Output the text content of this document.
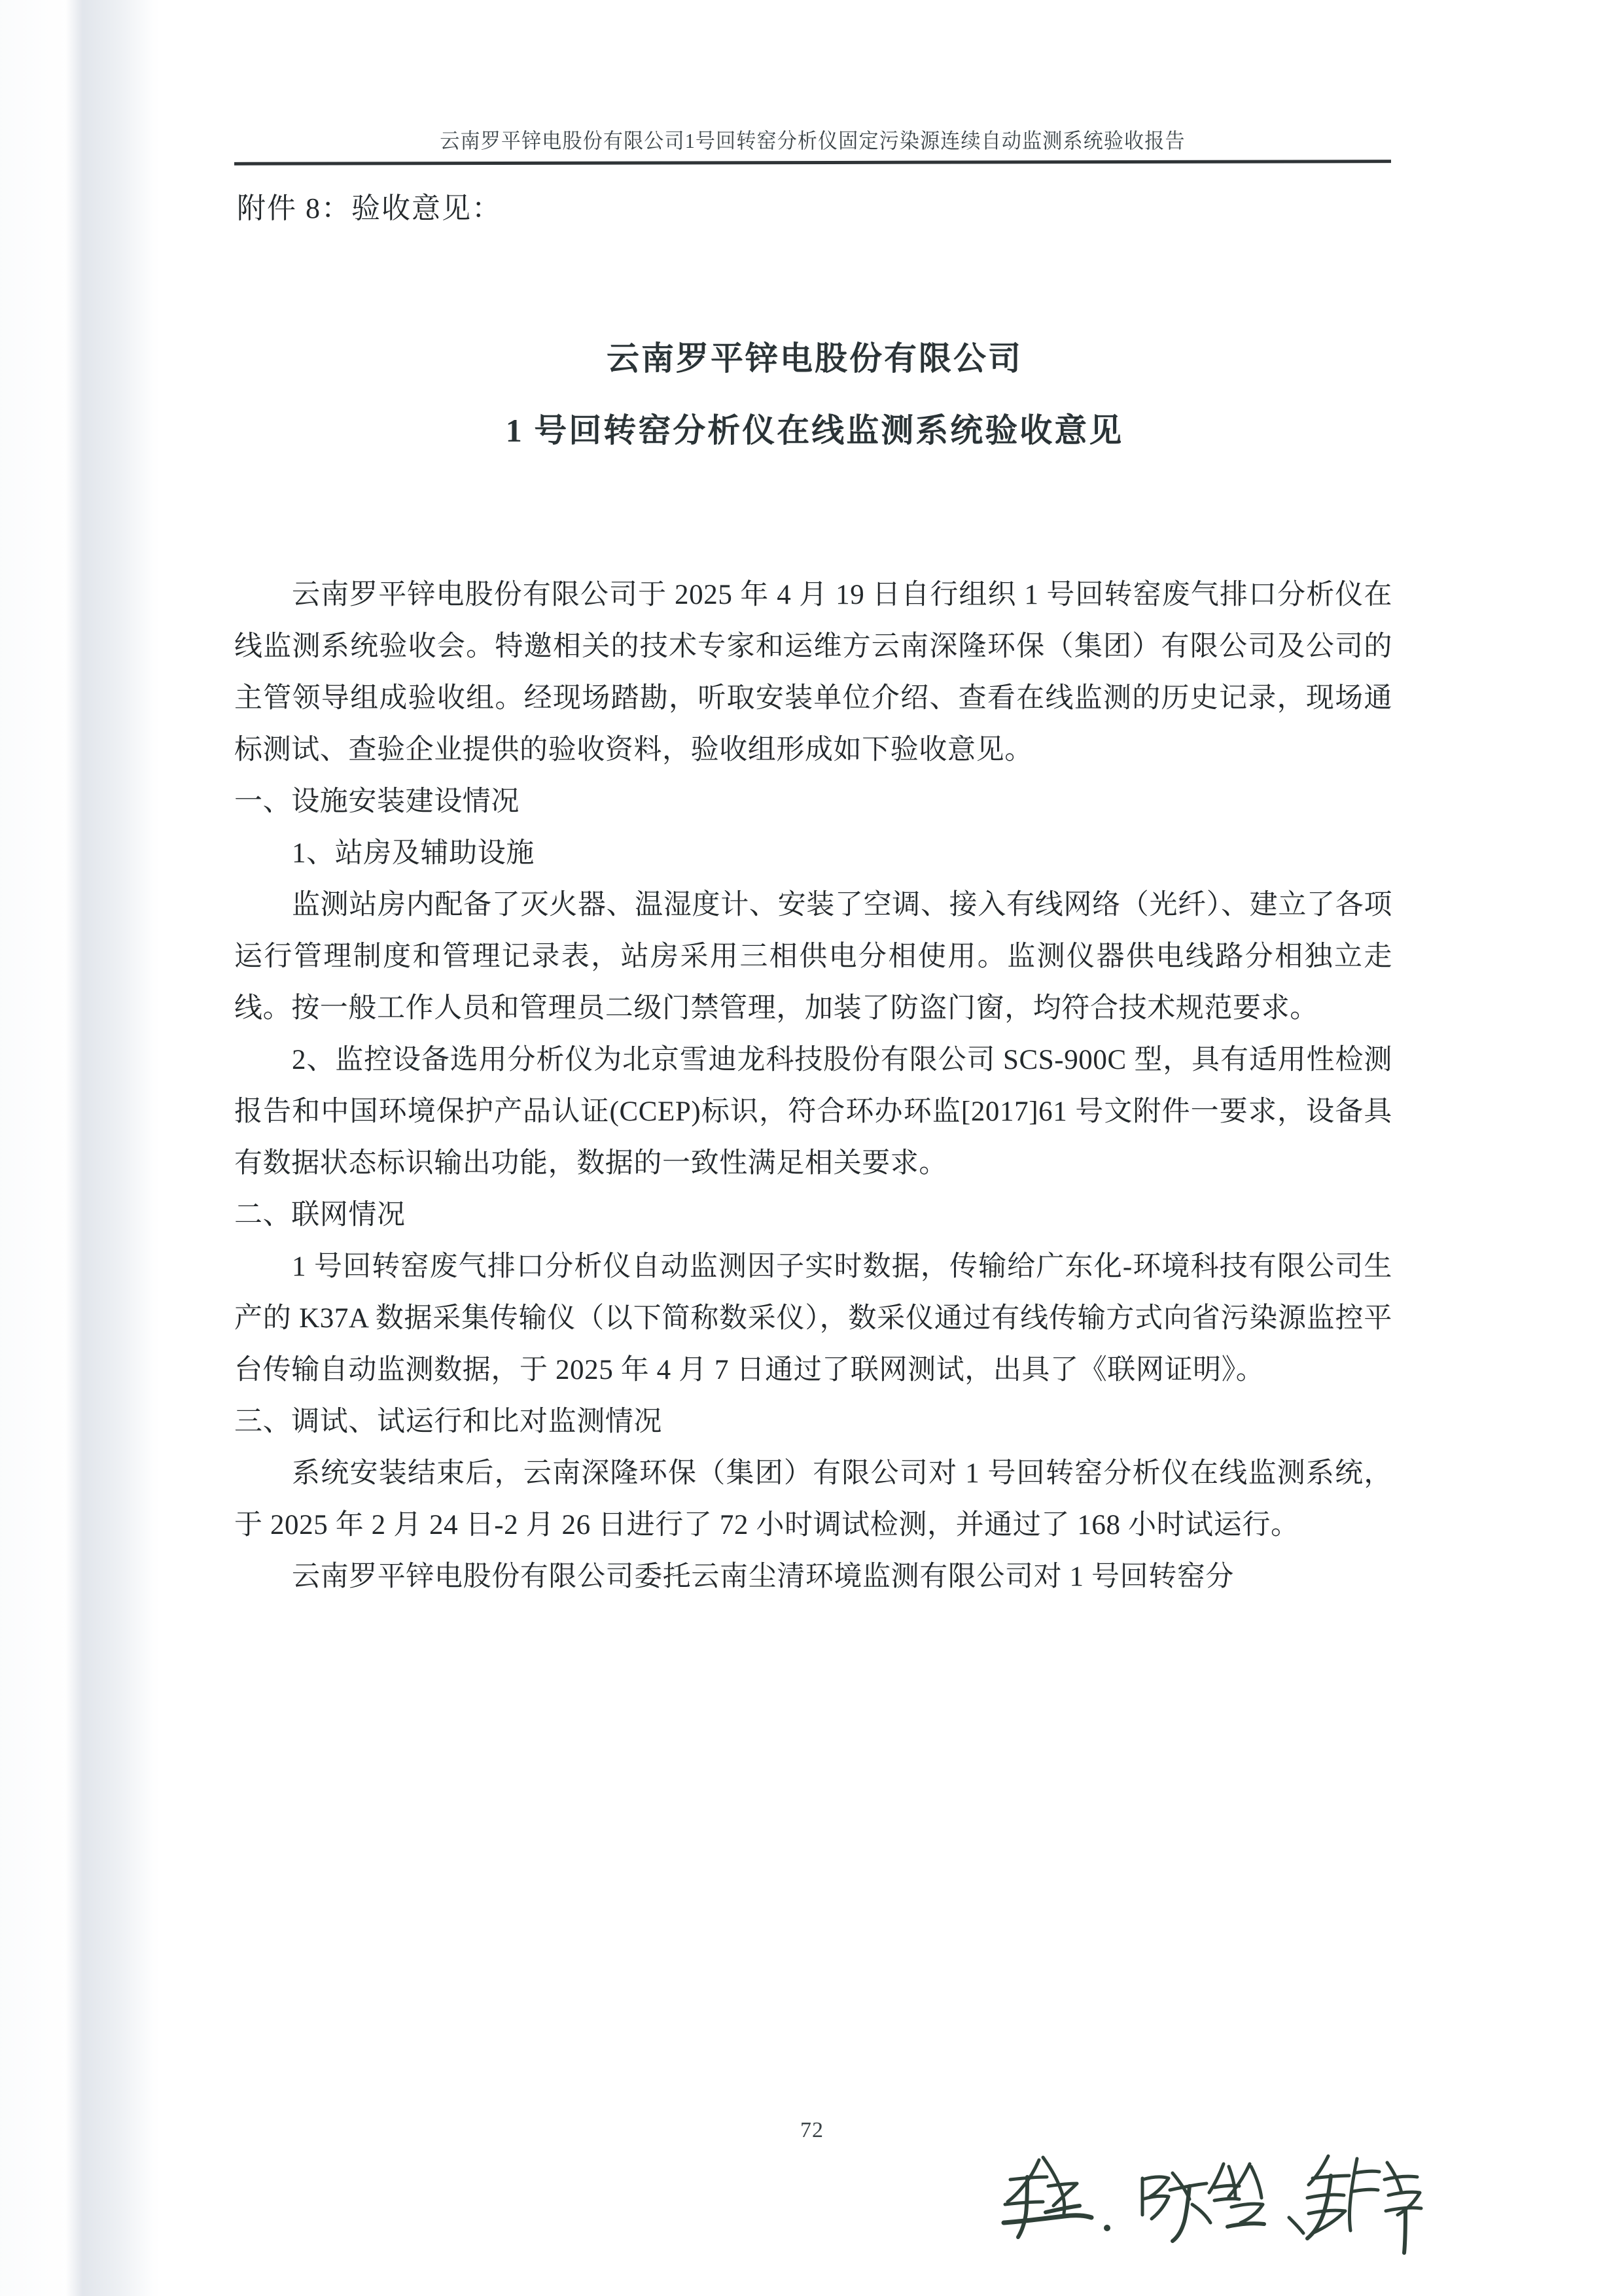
云南罗平锌电股份有限公司1号回转窑分析仪固定污染源连续自动监测系统验收报告
附件 8：验收意见：
云南罗平锌电股份有限公司
1 号回转窑分析仪在线监测系统验收意见

云南罗平锌电股份有限公司于 2025 年 4 月 19 日自行组织 1 号回转窑废气排口分析仪在线监测系统验收会。特邀相关的技术专家和运维方云南深隆环保（集团）有限公司及公司的主管领导组成验收组。经现场踏勘，听取安装单位介绍、查看在线监测的历史记录，现场通标测试、查验企业提供的验收资料，验收组形成如下验收意见。

一、设施安装建设情况

1、站房及辅助设施

监测站房内配备了灭火器、温湿度计、安装了空调、接入有线网络（光纤）、建立了各项运行管理制度和管理记录表，站房采用三相供电分相使用。监测仪器供电线路分相独立走线。按一般工作人员和管理员二级门禁管理，加装了防盗门窗，均符合技术规范要求。

2、监控设备选用分析仪为北京雪迪龙科技股份有限公司 SCS-900C 型，具有适用性检测报告和中国环境保护产品认证(CCEP)标识，符合环办环监[2017]61 号文附件一要求，设备具有数据状态标识输出功能，数据的一致性满足相关要求。

二、联网情况

1 号回转窑废气排口分析仪自动监测因子实时数据，传输给广东化-环境科技有限公司生产的 K37A 数据采集传输仪（以下简称数采仪），数采仪通过有线传输方式向省污染源监控平台传输自动监测数据，于 2025 年 4 月 7 日通过了联网测试，出具了《联网证明》。

三、调试、试运行和比对监测情况

系统安装结束后，云南深隆环保（集团）有限公司对 1 号回转窑分析仪在线监测系统，于 2025 年 2 月 24 日-2 月 26 日进行了 72 小时调试检测，并通过了 168 小时试运行。

云南罗平锌电股份有限公司委托云南尘清环境监测有限公司对 1 号回转窑分

72
